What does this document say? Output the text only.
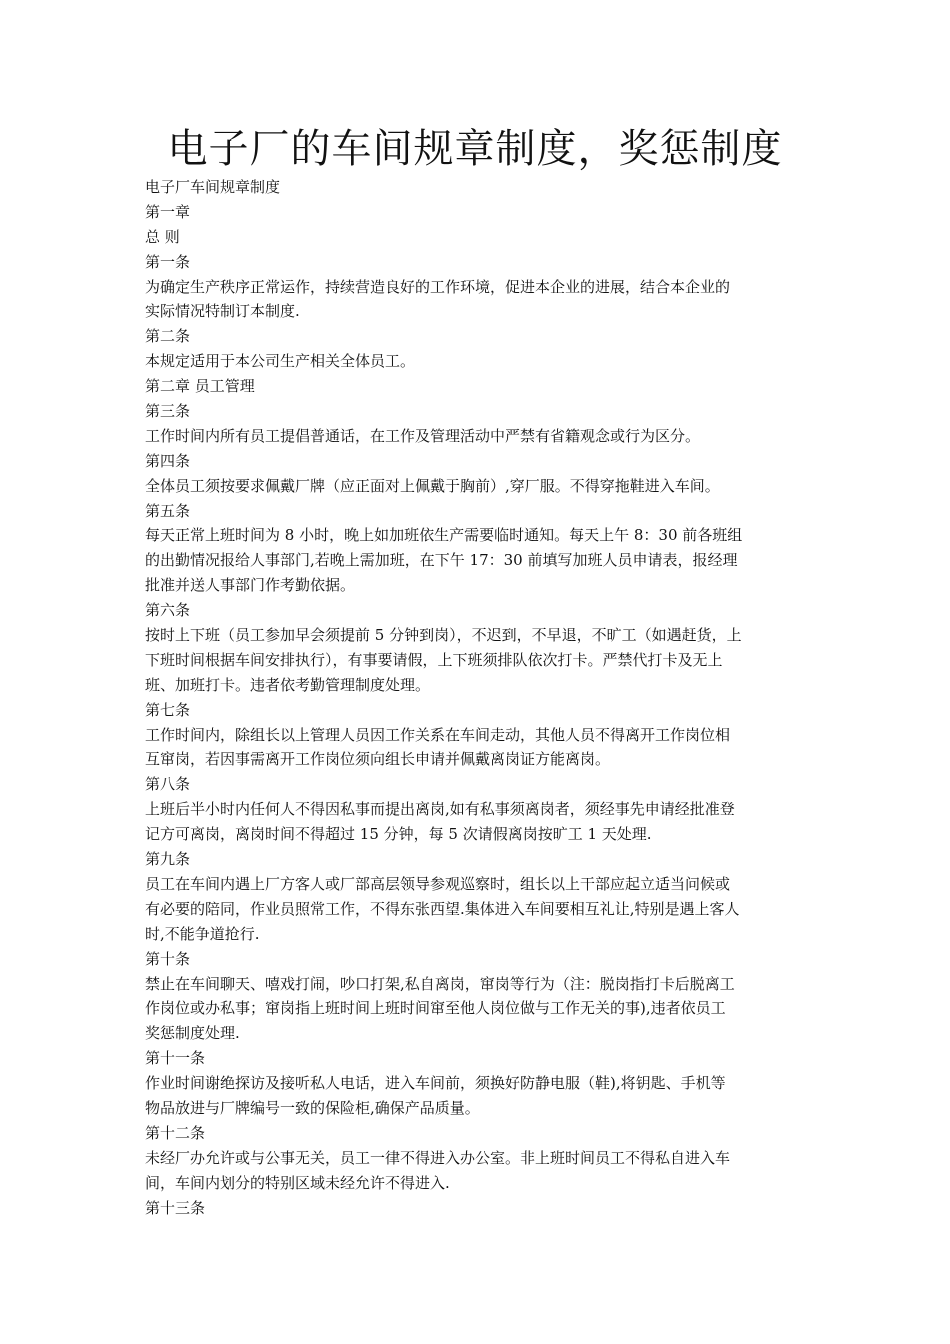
电子厂的车间规章制度，奖惩制度
电子厂车间规章制度
第一章
总 则
第一条

为确定生产秩序正常运作，持续营造良好的工作环境，促进本企业的进展，结合本企业的
实际情况特制订本制度.

第二条
本规定适用于本公司生产相关全体员工。
第二章 员工管理
第三条
工作时间内所有员工提倡普通话，在工作及管理活动中严禁有省籍观念或行为区分。
第四条
全体员工须按要求佩戴厂牌（应正面对上佩戴于胸前）,穿厂服。不得穿拖鞋进入车间。
第五条

每天正常上班时间为 8 小时，晚上如加班依生产需要临时通知。每天上午 8：30 前各班组
的出勤情况报给人事部门,若晚上需加班，在下午 17：30 前填写加班人员申请表，报经理
批准并送人事部门作考勤依据。

第六条

按时上下班（员工参加早会须提前 5 分钟到岗），不迟到，不早退，不旷工（如遇赶货，上
下班时间根据车间安排执行），有事要请假，上下班须排队依次打卡。严禁代打卡及无上
班、加班打卡。违者依考勤管理制度处理。

第七条

工作时间内，除组长以上管理人员因工作关系在车间走动，其他人员不得离开工作岗位相
互窜岗，若因事需离开工作岗位须向组长申请并佩戴离岗证方能离岗。

第八条

上班后半小时内任何人不得因私事而提出离岗,如有私事须离岗者，须经事先申请经批准登
记方可离岗，离岗时间不得超过 15 分钟，每 5 次请假离岗按旷工 1 天处理.

第九条

员工在车间内遇上厂方客人或厂部高层领导参观巡察时，组长以上干部应起立适当问候或
有必要的陪同，作业员照常工作，不得东张西望.集体进入车间要相互礼让,特别是遇上客人
时,不能争道抢行.

第十条

禁止在车间聊天、嘻戏打闹，吵口打架,私自离岗，窜岗等行为（注：脱岗指打卡后脱离工
作岗位或办私事；窜岗指上班时间上班时间窜至他人岗位做与工作无关的事),违者依员工
奖惩制度处理.

第十一条

作业时间谢绝探访及接听私人电话，进入车间前，须换好防静电服（鞋),将钥匙、手机等
物品放进与厂牌编号一致的保险柜,确保产品质量。

第十二条

未经厂办允许或与公事无关，员工一律不得进入办公室。非上班时间员工不得私自进入车
间，车间内划分的特别区域未经允许不得进入.

第十三条
